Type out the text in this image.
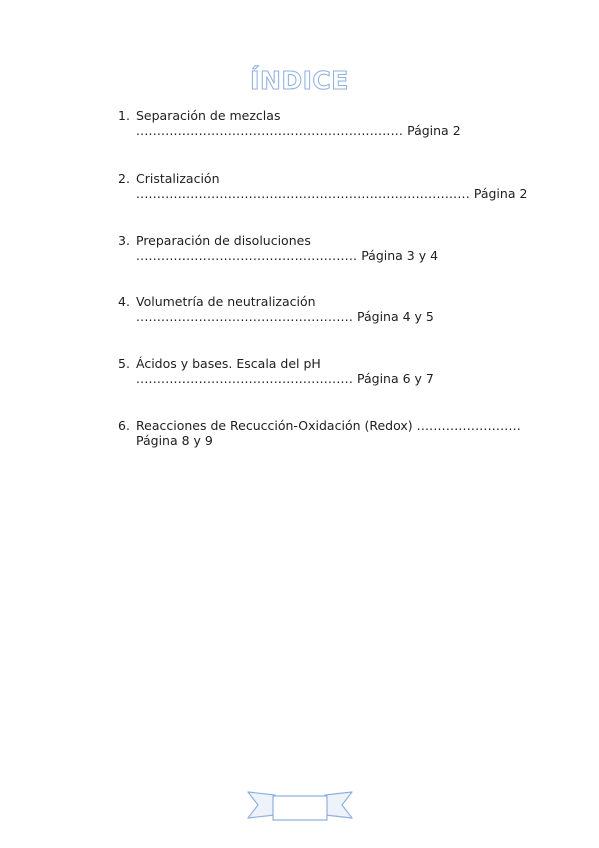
ÍNDICE
1. Separación de mezclas
................................................................ Página 2
2. Cristalización
................................................................................ Página 2
3. Preparación de disoluciones
..................................................... Página 3 y 4
4. Volumetría de neutralización
.................................................... Página 4 y 5
5. Ácidos y bases. Escala del pH
.................................................... Página 6 y 7
6. Reacciones de Recucción-Oxidación (Redox) .........................
Página 8 y 9
